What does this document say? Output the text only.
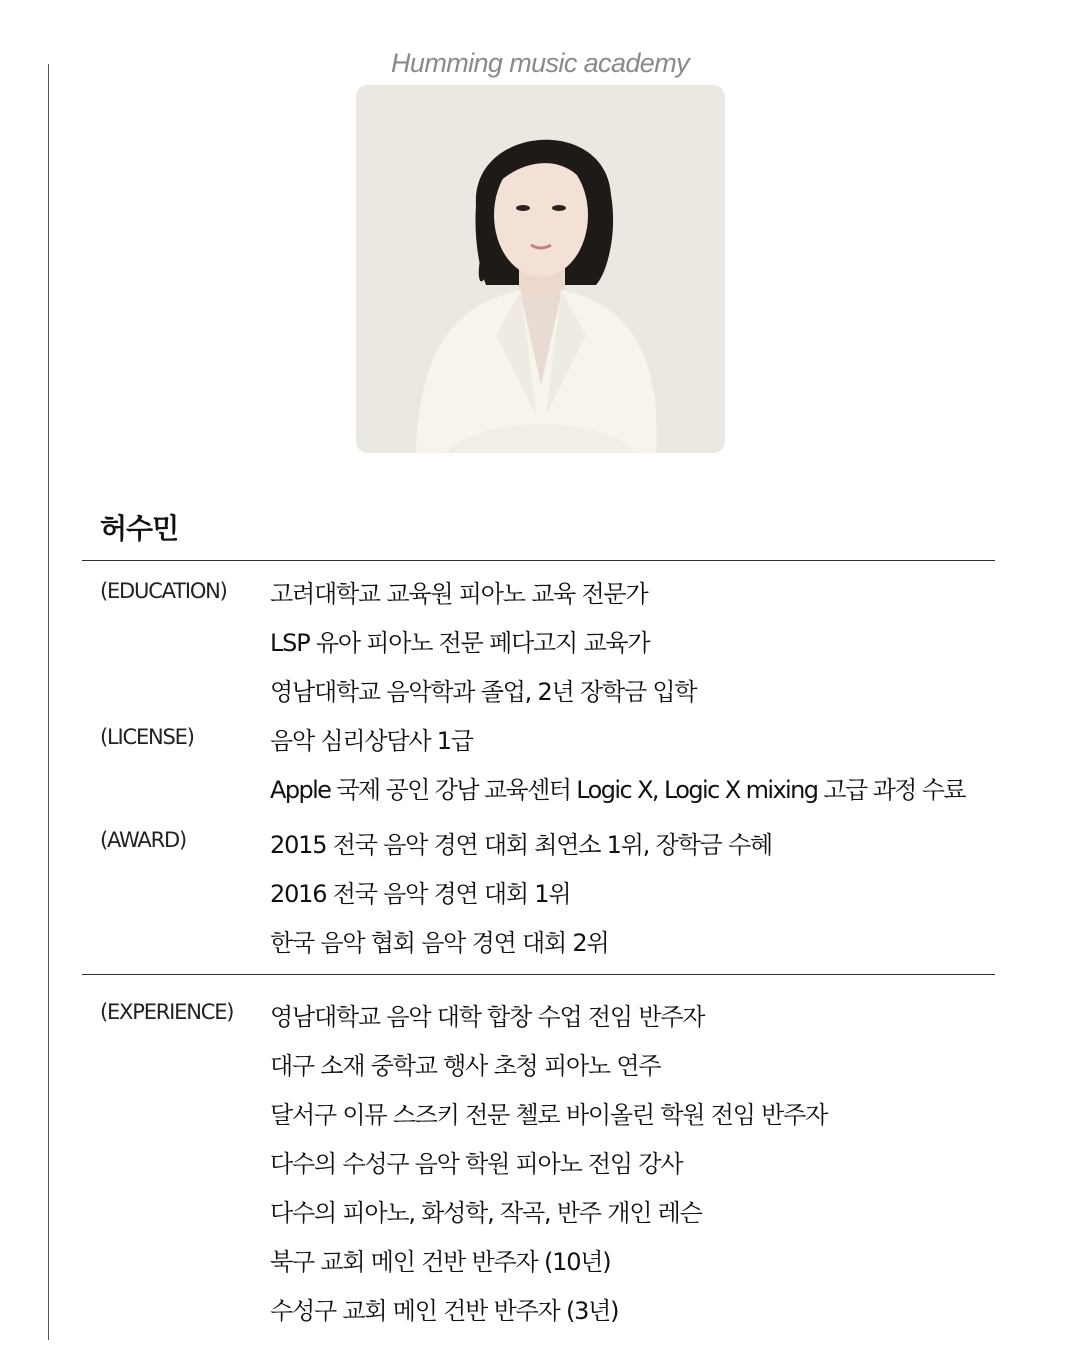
Humming music academy
허수민
(EDUCATION) 고려대학교 교육원 피아노 교육 전문가
LSP 유아 피아노 전문 페다고지 교육가
영남대학교 음악학과 졸업, 2년 장학금 입학
(LICENSE)	음악 심리상담사 1급
Apple 국제 공인 강남 교육센터 Logic X, Logic X mixing 고급 과정 수료
(AWARD)	2015 전국 음악 경연 대회 최연소 1위, 장학금 수혜
2016 전국 음악 경연 대회 1위
한국 음악 협회 음악 경연 대회 2위
(EXPERIENCE) 영남대학교 음악 대학 합창 수업 전임 반주자
대구 소재 중학교 행사 초청 피아노 연주
달서구 이뮤 스즈키 전문 첼로 바이올린 학원 전임 반주자
다수의 수성구 음악 학원 피아노 전임 강사
다수의 피아노, 화성학, 작곡, 반주 개인 레슨
북구 교회 메인 건반 반주자 (10년)
수성구 교회 메인 건반 반주자 (3년)
